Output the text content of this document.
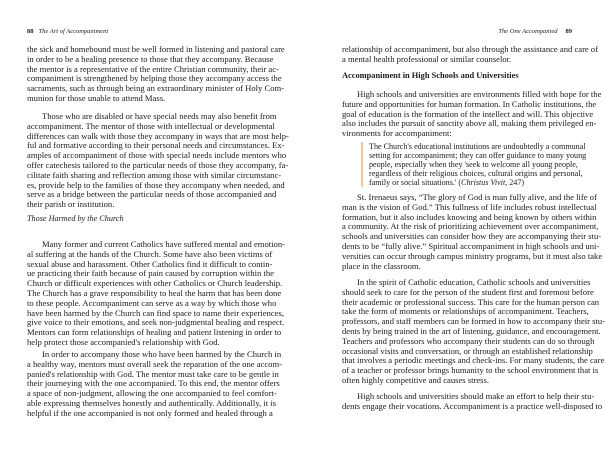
88 The Art of Accompaniment
the sick and homebound must be well formed in listening and pastoral care
in order to be a healing presence to those that they accompany. Because
the mentor is a representative of the entire Christian community, their ac-
companiment is strengthened by helping those they accompany access the
sacraments, such as through being an extraordinary minister of Holy Com-
munion for those unable to attend Mass.
Those who are disabled or have special needs may also benefit from
accompaniment. The mentor of those with intellectual or developmental
differences can walk with those they accompany in ways that are most help-
ful and formative according to their personal needs and circumstances. Ex-
amples of accompaniment of those with special needs include mentors who
offer catechesis tailored to the particular needs of those they accompany, fa-
cilitate faith sharing and reflection among those with similar circumstanc-
es, provide help to the families of those they accompany when needed, and
serve as a bridge between the particular needs of those accompanied and
their parish or institution.
Those Harmed by the Church
Many former and current Catholics have suffered mental and emotion-
al suffering at the hands of the Church. Some have also been victims of
sexual abuse and harassment. Other Catholics find it difficult to contin-
ue practicing their faith because of pain caused by corruption within the
Church or difficult experiences with other Catholics or Church leadership.
The Church has a grave responsibility to heal the harm that has been done
to these people. Accompaniment can serve as a way by which those who
have been harmed by the Church can find space to name their experiences,
give voice to their emotions, and seek non-judgmental healing and respect.
Mentors can form relationships of healing and patient listening in order to
help protect those accompanied's relationship with God.
In order to accompany those who have been harmed by the Church in
a healthy way, mentors must overall seek the reparation of the one accom-
panied's relationship with God. The mentor must take care to be gentle in
their journeying with the one accompanied. To this end, the mentor offers
a space of non-judgment, allowing the one accompanied to feel comfort-
able expressing themselves honestly and authentically. Additionally, it is
helpful if the one accompanied is not only formed and healed through a
The One Accompanied 89
relationship of accompaniment, but also through the assistance and care of
a mental health professional or similar counselor.
Accompaniment in High Schools and Universities
High schools and universities are environments filled with hope for the
future and opportunities for human formation. In Catholic institutions, the
goal of education is the formation of the intellect and will. This objective
also includes the pursuit of sanctity above all, making them privileged en-
vironments for accompaniment:
The Church's educational institutions are undoubtedly a communal
setting for accompaniment; they can offer guidance to many young
people, especially when they 'seek to welcome all young people,
regardless of their religious choices, cultural origins and personal,
family or social situations.' (Christus Vivit, 247)
St. Irenaeus says, “The glory of God is man fully alive, and the life of
man is the vision of God.” This fullness of life includes robust intellectual
formation, but it also includes knowing and being known by others within
a community. At the risk of prioritizing achievement over accompaniment,
schools and universities can consider how they are accompanying their stu-
dents to be “fully alive.” Spiritual accompaniment in high schools and uni-
versities can occur through campus ministry programs, but it must also take
place in the classroom.
In the spirit of Catholic education, Catholic schools and universities
should seek to care for the person of the student first and foremost before
their academic or professional success. This care for the human person can
take the form of moments or relationships of accompaniment. Teachers,
professors, and staff members can be formed in how to accompany their stu-
dents by being trained in the art of listening, guidance, and encouragement.
Teachers and professors who accompany their students can do so through
occasional visits and conversation, or through an established relationship
that involves a periodic meetings and check-ins. For many students, the care
of a teacher or professor brings humanity to the school environment that is
often highly competitive and causes stress.
High schools and universities should make an effort to help their stu-
dents engage their vocations. Accompaniment is a practice well-disposed to
